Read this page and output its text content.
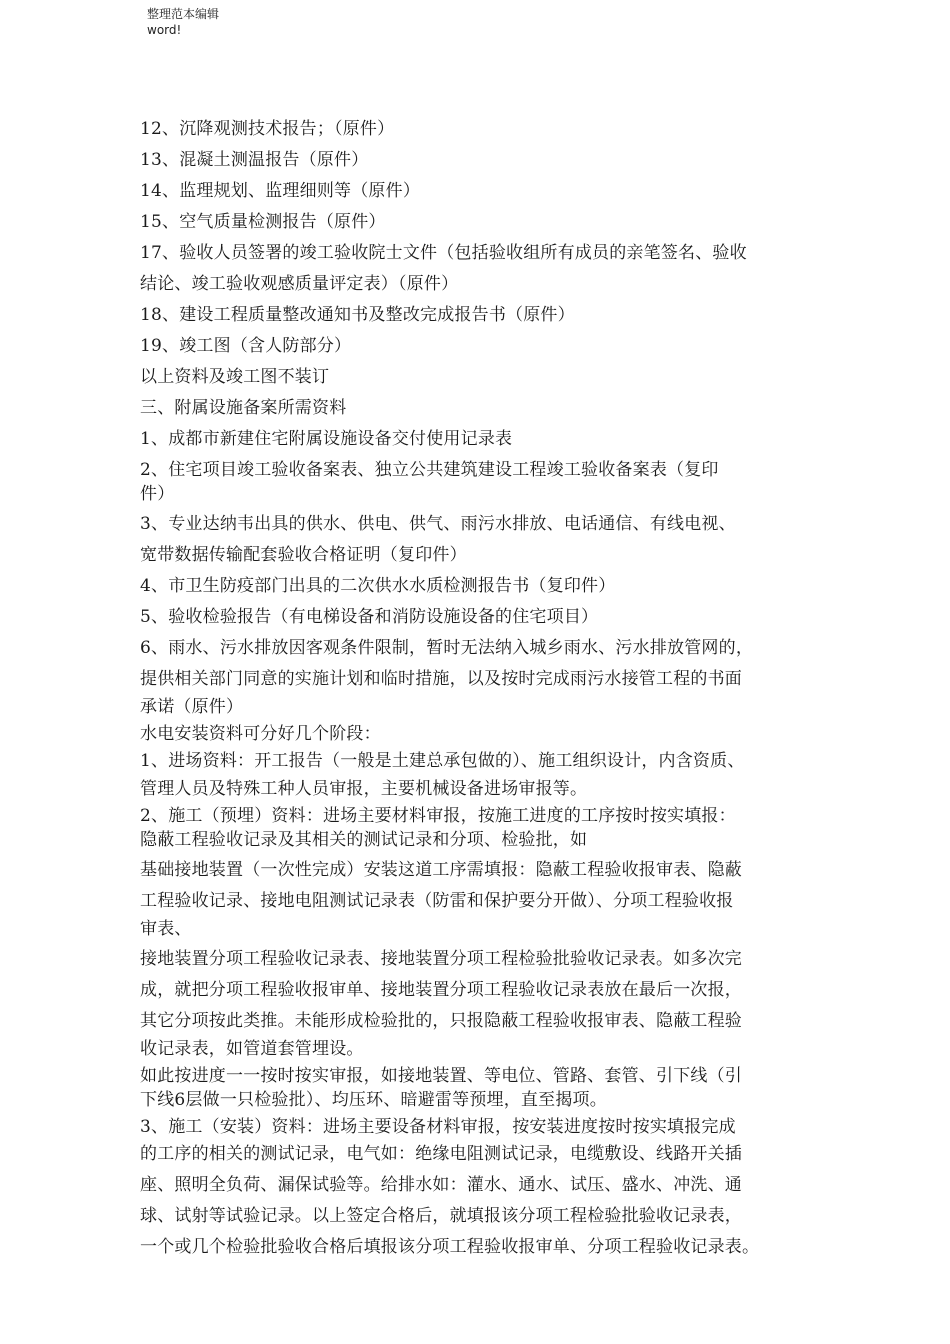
整理范本编辑
word!
12、沉降观测技术报告；（原件）
13、混凝土测温报告（原件）
14、监理规划、监理细则等（原件）
15、空气质量检测报告（原件）
17、验收人员签署的竣工验收院士文件（包括验收组所有成员的亲笔签名、验收
结论、竣工验收观感质量评定表）（原件）
18、建设工程质量整改通知书及整改完成报告书（原件）
19、竣工图（含人防部分）
以上资料及竣工图不装订
三、附属设施备案所需资料
1、成都市新建住宅附属设施设备交付使用记录表
2、住宅项目竣工验收备案表、独立公共建筑建设工程竣工验收备案表（复印
件）
3、专业达纳韦出具的供水、供电、供气、雨污水排放、电话通信、有线电视、
宽带数据传输配套验收合格证明（复印件）
4、市卫生防疫部门出具的二次供水水质检测报告书（复印件）
5、验收检验报告（有电梯设备和消防设施设备的住宅项目）
6、雨水、污水排放因客观条件限制，暂时无法纳入城乡雨水、污水排放管网的，
提供相关部门同意的实施计划和临时措施，以及按时完成雨污水接管工程的书面
承诺（原件）
水电安装资料可分好几个阶段：
1、进场资料：开工报告（一般是土建总承包做的）、施工组织设计，内含资质、
管理人员及特殊工种人员审报，主要机械设备进场审报等。
2、施工（预埋）资料：进场主要材料审报，按施工进度的工序按时按实填报：
隐蔽工程验收记录及其相关的测试记录和分项、检验批，如
基础接地装置（一次性完成）安装这道工序需填报：隐蔽工程验收报审表、隐蔽
工程验收记录、接地电阻测试记录表（防雷和保护要分开做）、分项工程验收报
审表、
接地装置分项工程验收记录表、接地装置分项工程检验批验收记录表。如多次完
成，就把分项工程验收报审单、接地装置分项工程验收记录表放在最后一次报，
其它分项按此类推。未能形成检验批的，只报隐蔽工程验收报审表、隐蔽工程验
收记录表，如管道套管埋设。
如此按进度一一按时按实审报，如接地装置、等电位、管路、套管、引下线（引
下线6层做一只检验批）、均压环、暗避雷等预埋，直至揭项。
3、施工（安装）资料：进场主要设备材料审报，按安装进度按时按实填报完成
的工序的相关的测试记录，电气如：绝缘电阻测试记录，电缆敷设、线路开关插
座、照明全负荷、漏保试验等。给排水如：灌水、通水、试压、盛水、冲洗、通
球、试射等试验记录。以上签定合格后，就填报该分项工程检验批验收记录表，
一个或几个检验批验收合格后填报该分项工程验收报审单、分项工程验收记录表。
